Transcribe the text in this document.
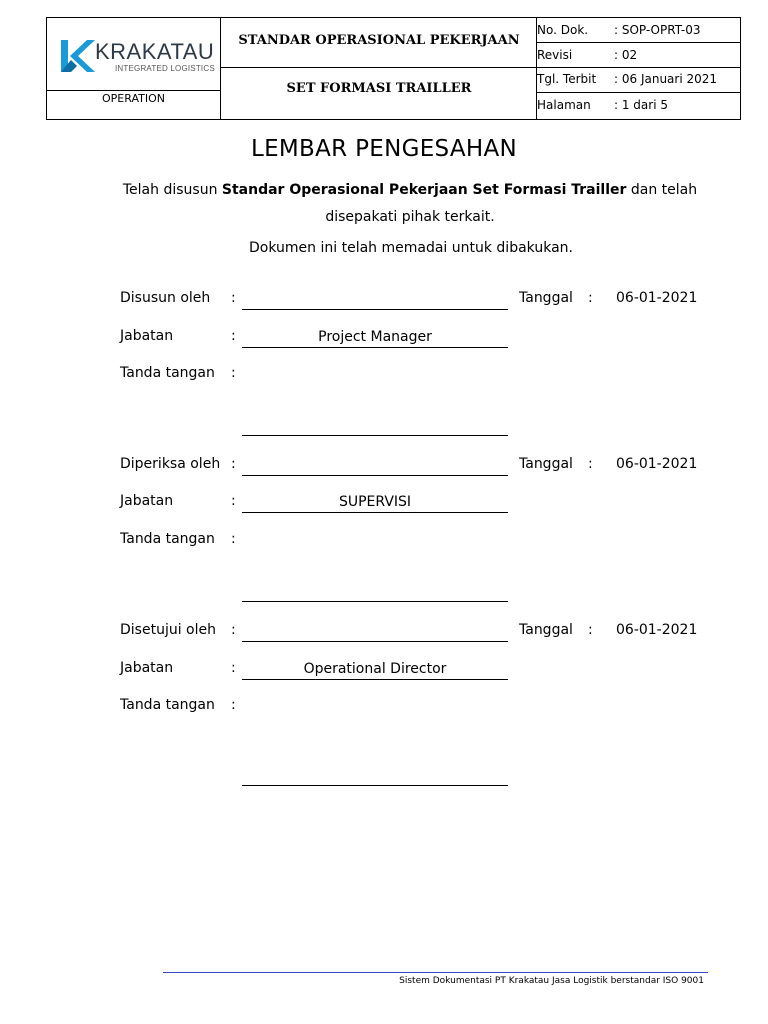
KRAKATAU
INTEGRATED LOGISTICS
OPERATION
STANDAR OPERASIONAL PEKERJAAN
SET FORMASI TRAILLER
No. Dok. : SOP-OPRT-03
Revisi	: 02
Tgl. Terbit : 06 Januari 2021
Halaman : 1 dari 5
LEMBAR PENGESAHAN
Telah disusun Standar Operasional Pekerjaan Set Formasi Trailler dan telah disepakati pihak terkait.
Dokumen ini telah memadai untuk dibakukan.
Disusun oleh :	Tanggal : 06-01-2021
Jabatan	:	Project Manager
Tanda tangan :
Diperiksa oleh :	Tanggal : 06-01-2021
Jabatan	:	SUPERVISI
Tanda tangan :
Disetujui oleh :	Tanggal : 06-01-2021
Jabatan	:	Operational Director
Tanda tangan :
Sistem Dokumentasi PT Krakatau Jasa Logistik berstandar ISO 9001
